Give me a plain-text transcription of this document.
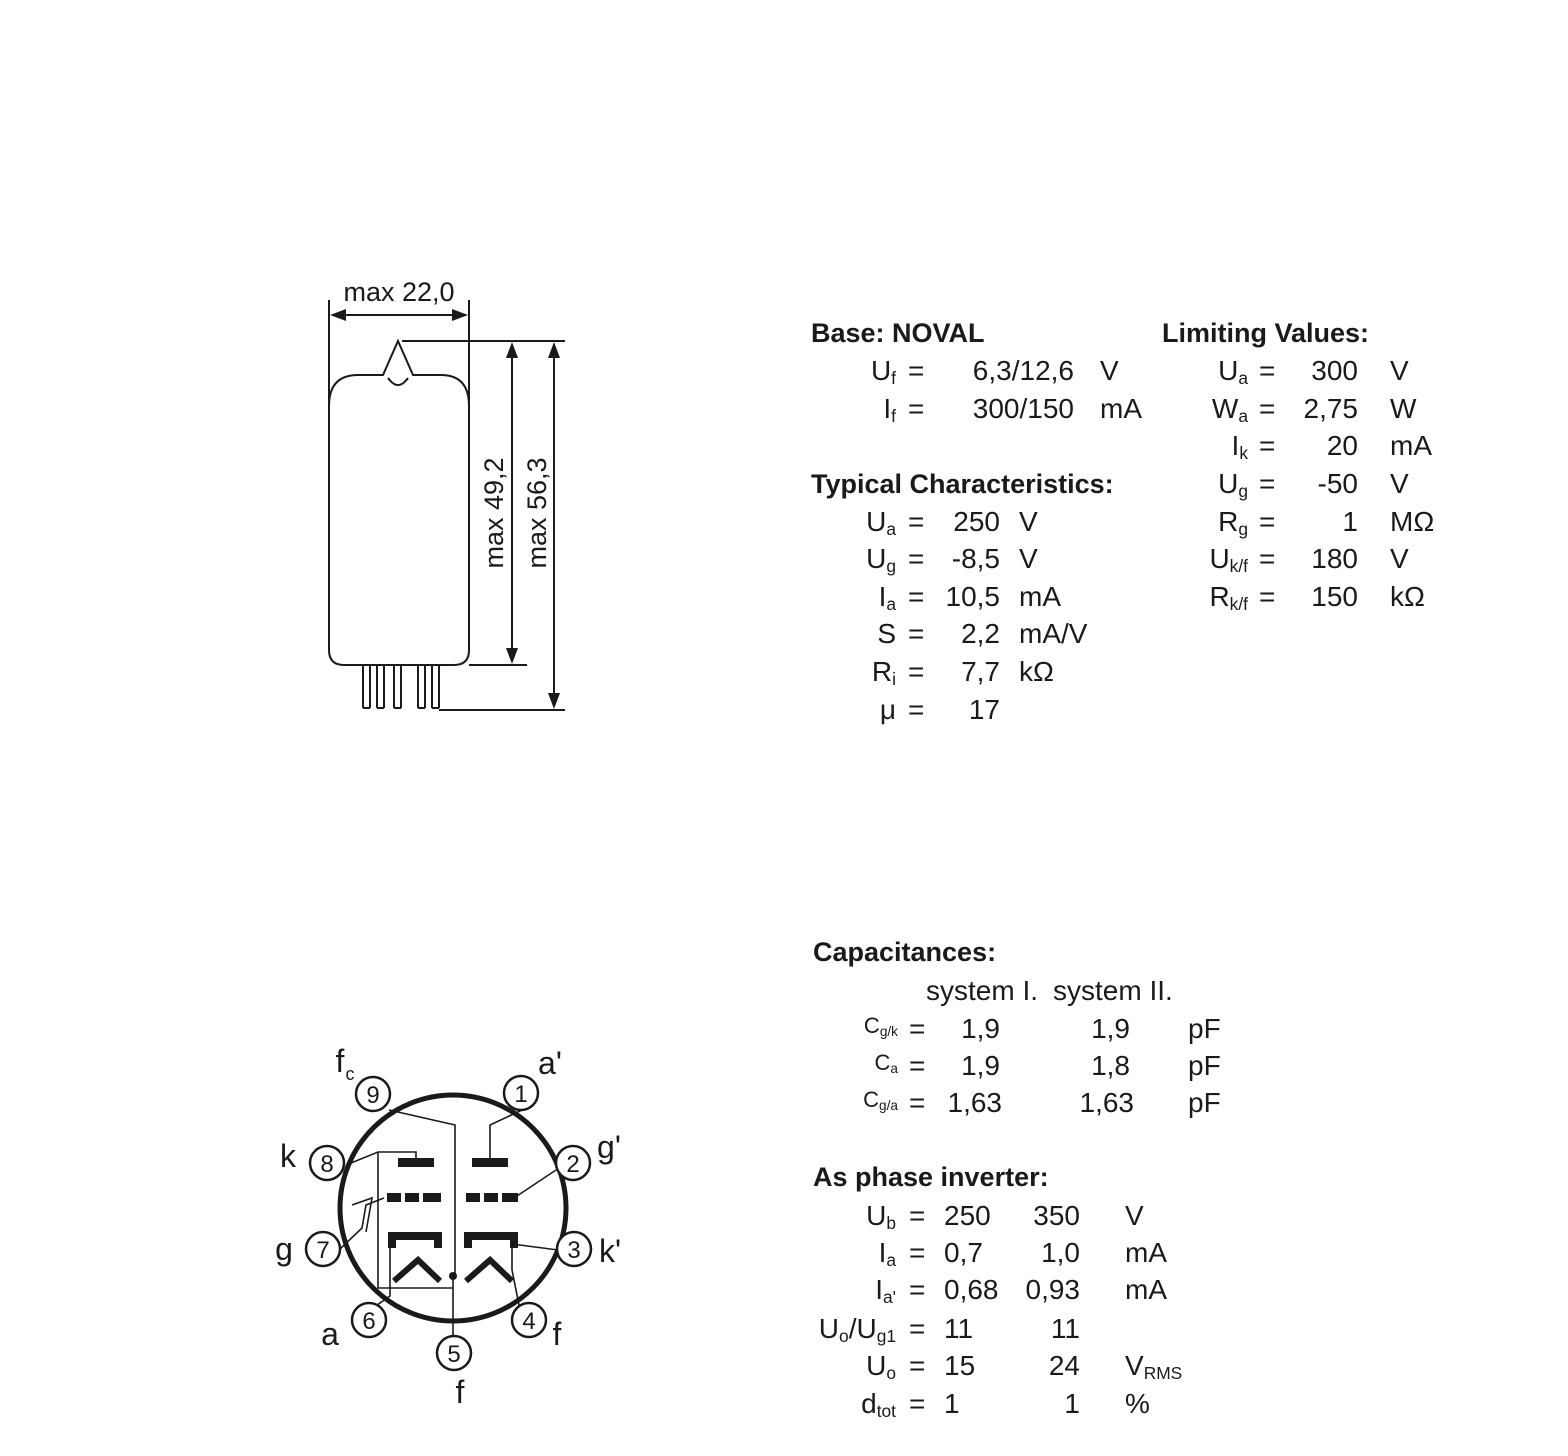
max 22,0
max 49,2 max 56,3
1
2
3
4
5
6
7
8
9
a'
g'
k'
f
f
a
g
k
f c
Base: NOVAL
$U_f$ =	6,3/12,6 V
$I_f$ =	300/150 mA
Typical Characteristics:
$U_a$ =	250 V
$U_g = -8,5$ V
$I_a = 10,5$ mA
S =	2,2 mA/V
$R_i$ =	7,7 kΩ
μ =	17
Limiting Values:
$U_a$ =	300 V
$W_a$ =	2,75 W
$I_k$ =	20 mA
$U_g$ =	-50 V
$R_g$ =	1 MΩ
$U_{k/f}$ =	180 V
$R_{k/f}$ =	150 kΩ
Capacitances:
system I. system II.
$C_{g/k}$ =	1,9	1,9 pF
$C_a$ =	1,9	1,8 pF
$C_{g/a} = 1,63$	1,63 pF
As phase inverter:
$U_b = 250$	350 V
$I_a = 0,7$	1,0 mA
$I_{a'} = 0,68$ 0,93 mA
$U_o/U_{g1} = 11$	11
$U_o = 15$	24 $V_{RMS}$
$d_{tot} = 1$	1 %
